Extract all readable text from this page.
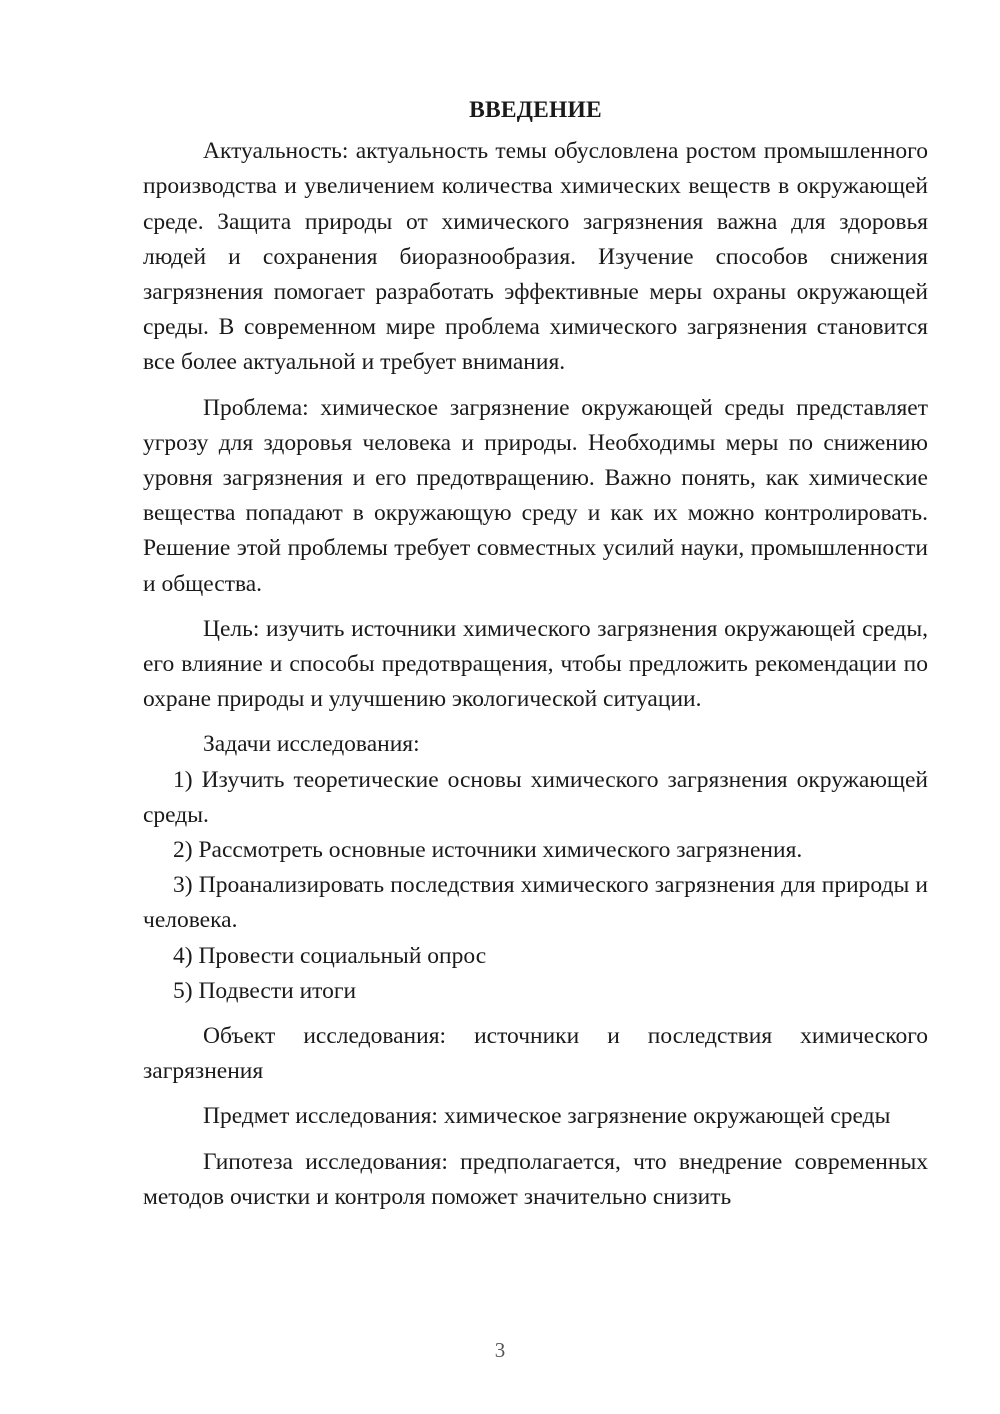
ВВЕДЕНИЕ

Актуальность: актуальность темы обусловлена ростом промышленного производства и увеличением количества химических веществ в окружающей среде. Защита природы от химического загрязнения важна для здоровья людей и сохранения биоразнообразия. Изучение способов снижения загрязнения помогает разработать эффективные меры охраны окружающей среды. В современном мире проблема химического загрязнения становится все более актуальной и требует внимания.

Проблема: химическое загрязнение окружающей среды представляет угрозу для здоровья человека и природы. Необходимы меры по снижению уровня загрязнения и его предотвращению. Важно понять, как химические вещества попадают в окружающую среду и как их можно контролировать. Решение этой проблемы требует совместных усилий науки, промышленности и общества.

Цель: изучить источники химического загрязнения окружающей среды, его влияние и способы предотвращения, чтобы предложить рекомендации по охране природы и улучшению экологической ситуации.

Задачи исследования:

1) Изучить теоретические основы химического загрязнения окружающей среды.

2) Рассмотреть основные источники химического загрязнения.

3) Проанализировать последствия химического загрязнения для природы и человека.

4) Провести социальный опрос

5) Подвести итоги

Объект исследования: источники и последствия химического загрязнения

Предмет исследования: химическое загрязнение окружающей среды

Гипотеза исследования: предполагается, что внедрение современных методов очистки и контроля поможет значительно снизить

3
